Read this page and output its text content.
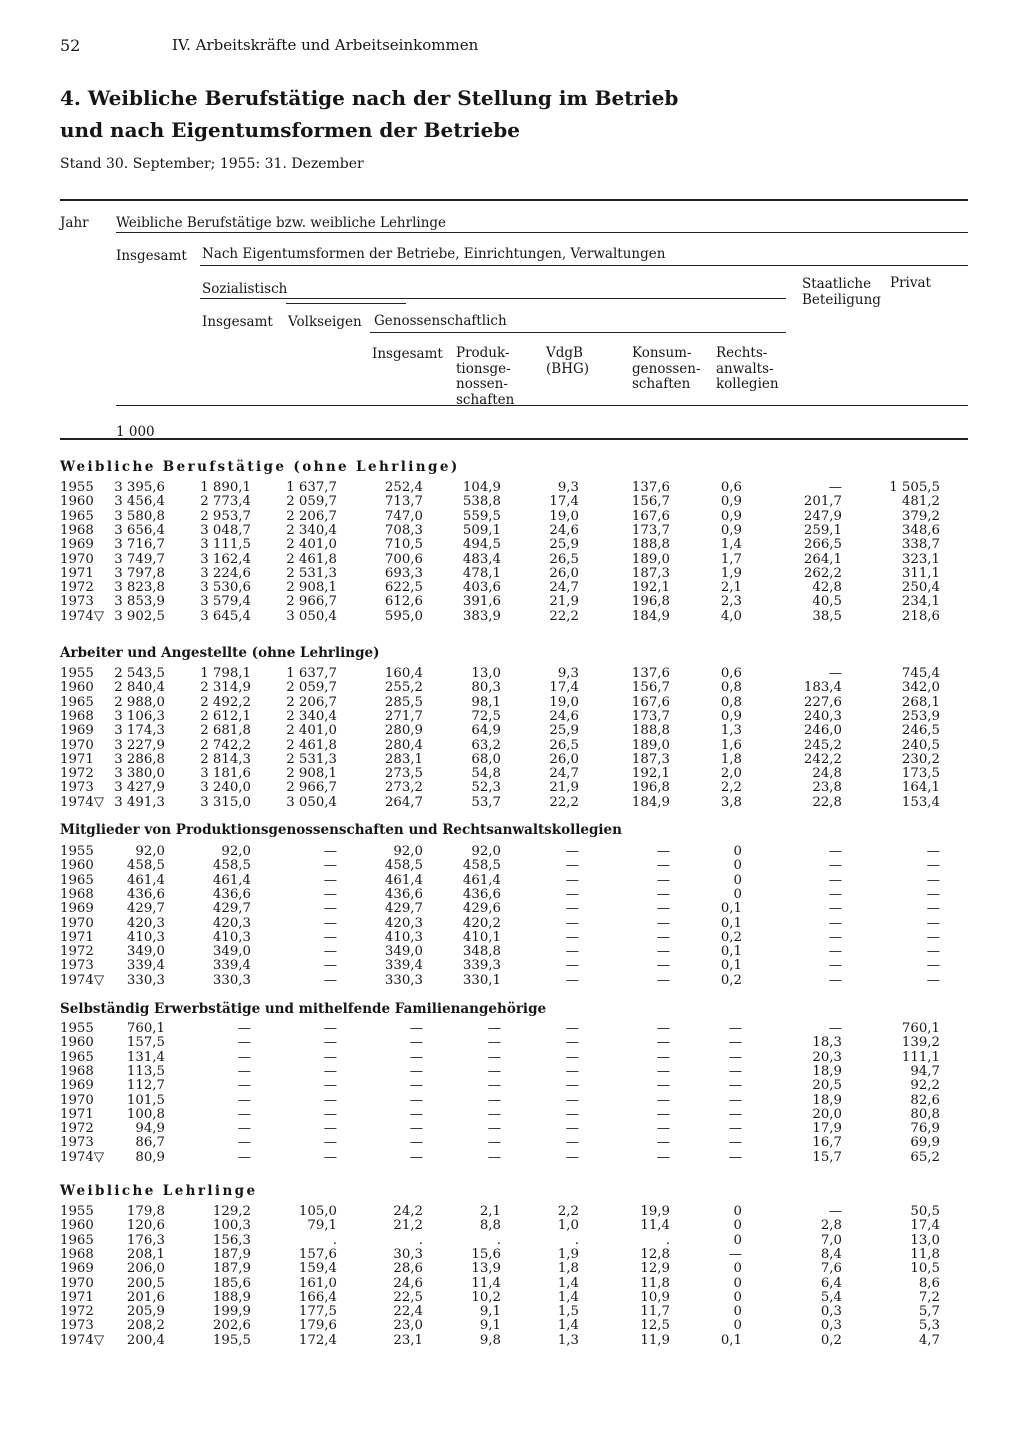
52	IV. Arbeitskräfte und Arbeitseinkommen
4. Weibliche Berufstätige nach der Stellung im Betrieb
und nach Eigentumsformen der Betriebe
Stand 30. September; 1955: 31. Dezember
Jahr Weibliche Berufstätige bzw. weibliche Lehrlinge
Insgesamt Nach Eigentumsformen der Betriebe, Einrichtungen, Verwaltungen
Sozialistisch	Staatliche
Beteiligung
Privat
Insgesamt Volkseigen Genossenschaftlich
Insgesamt Produk-
tionsge-
nossen-
schaften
VdgB
(BHG)
Konsum-
genossen-
schaften
Rechts-
anwalts-
kollegien
1 000
Weibliche Berufstätige (ohne Lehrlinge)
1955 3 395,6	1 890,1	1 637,7	252,4	104,9	9,3	137,6	0,6	—	1 505,5
1960 3 456,4	2 773,4	2 059,7	713,7	538,8	17,4	156,7	0,9	201,7	481,2
1965 3 580,8	2 953,7	2 206,7	747,0	559,5	19,0	167,6	0,9	247,9	379,2
1968 3 656,4	3 048,7	2 340,4	708,3	509,1	24,6	173,7	0,9	259,1	348,6
1969 3 716,7	3 111,5	2 401,0	710,5	494,5	25,9	188,8	1,4	266,5	338,7
1970 3 749,7	3 162,4	2 461,8	700,6	483,4	26,5	189,0	1,7	264,1	323,1
1971 3 797,8	3 224,6	2 531,3	693,3	478,1	26,0	187,3	1,9	262,2	311,1
1972 3 823,8	3 530,6	2 908,1	622,5	403,6	24,7	192,1	2,1	42,8	250,4
1973 3 853,9	3 579,4	2 966,7	612,6	391,6	21,9	196,8	2,3	40,5	234,1
1974▽ 3 902,5	3 645,4	3 050,4	595,0	383,9	22,2	184,9	4,0	38,5	218,6
Arbeiter und Angestellte (ohne Lehrlinge)
1955 2 543,5	1 798,1	1 637,7	160,4	13,0	9,3	137,6	0,6	—	745,4
1960 2 840,4	2 314,9	2 059,7	255,2	80,3	17,4	156,7	0,8	183,4	342,0
1965 2 988,0	2 492,2	2 206,7	285,5	98,1	19,0	167,6	0,8	227,6	268,1
1968 3 106,3	2 612,1	2 340,4	271,7	72,5	24,6	173,7	0,9	240,3	253,9
1969 3 174,3	2 681,8	2 401,0	280,9	64,9	25,9	188,8	1,3	246,0	246,5
1970 3 227,9	2 742,2	2 461,8	280,4	63,2	26,5	189,0	1,6	245,2	240,5
1971 3 286,8	2 814,3	2 531,3	283,1	68,0	26,0	187,3	1,8	242,2	230,2
1972 3 380,0	3 181,6	2 908,1	273,5	54,8	24,7	192,1	2,0	24,8	173,5
1973 3 427,9	3 240,0	2 966,7	273,2	52,3	21,9	196,8	2,2	23,8	164,1
1974▽ 3 491,3	3 315,0	3 050,4	264,7	53,7	22,2	184,9	3,8	22,8	153,4
Mitglieder von Produktionsgenossenschaften und Rechtsanwaltskollegien
1955	92,0	92,0	—	92,0	92,0	—	—	0	—	—
1960 458,5	458,5	—	458,5	458,5	—	—	0	—	—
1965 461,4	461,4	—	461,4	461,4	—	—	0	—	—
1968 436,6	436,6	—	436,6	436,6	—	—	0	—	—
1969 429,7	429,7	—	429,7	429,6	—	—	0,1	—	—
1970 420,3	420,3	—	420,3	420,2	—	—	0,1	—	—
1971 410,3	410,3	—	410,3	410,1	—	—	0,2	—	—
1972 349,0	349,0	—	349,0	348,8	—	—	0,1	—	—
1973 339,4	339,4	—	339,4	339,3	—	—	0,1	—	—
1974▽ 330,3	330,3	—	330,3	330,1	—	—	0,2	—	—
Selbständig Erwerbstätige und mithelfende Familienangehörige
1955 760,1	—	—	—	—	—	—	—	—	760,1
1960 157,5	—	—	—	—	—	—	—	18,3	139,2
1965 131,4	—	—	—	—	—	—	—	20,3	111,1
1968 113,5	—	—	—	—	—	—	—	18,9	94,7
1969 112,7	—	—	—	—	—	—	—	20,5	92,2
1970 101,5	—	—	—	—	—	—	—	18,9	82,6
1971 100,8	—	—	—	—	—	—	—	20,0	80,8
1972	94,9	—	—	—	—	—	—	—	17,9	76,9
1973	86,7	—	—	—	—	—	—	—	16,7	69,9
1974▽ 80,9	—	—	—	—	—	—	—	15,7	65,2
Weibliche Lehrlinge
1955 179,8	129,2	105,0	24,2	2,1	2,2	19,9	0	—	50,5
1960 120,6	100,3	79,1	21,2	8,8	1,0	11,4	0	2,8	17,4
1965 176,3	156,3	.	.	.	.	.	0	7,0	13,0
1968 208,1	187,9	157,6	30,3	15,6	1,9	12,8	—	8,4	11,8
1969 206,0	187,9	159,4	28,6	13,9	1,8	12,9	0	7,6	10,5
1970 200,5	185,6	161,0	24,6	11,4	1,4	11,8	0	6,4	8,6
1971 201,6	188,9	166,4	22,5	10,2	1,4	10,9	0	5,4	7,2
1972 205,9	199,9	177,5	22,4	9,1	1,5	11,7	0	0,3	5,7
1973 208,2	202,6	179,6	23,0	9,1	1,4	12,5	0	0,3	5,3
1974▽ 200,4	195,5	172,4	23,1	9,8	1,3	11,9	0,1	0,2	4,7
